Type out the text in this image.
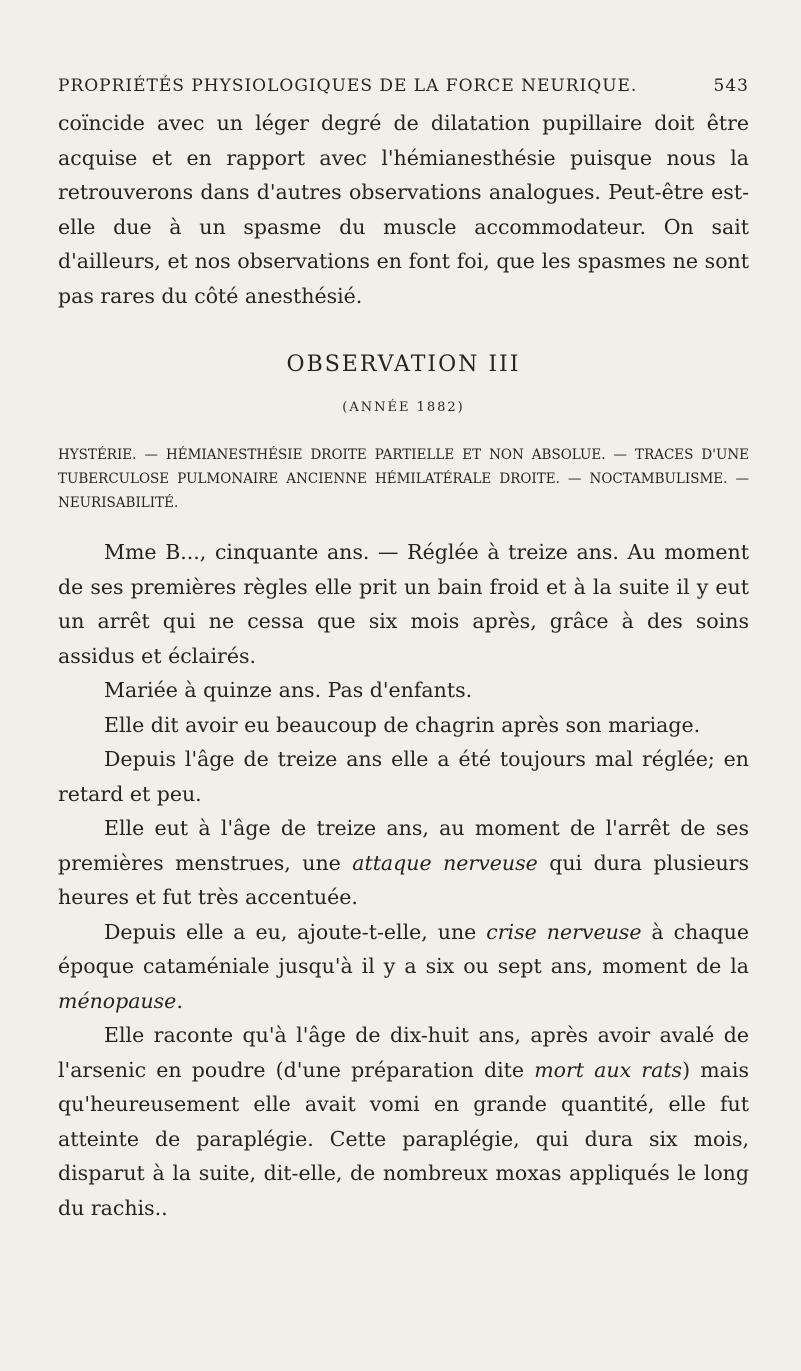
PROPRIÉTÉS PHYSIOLOGIQUES DE LA FORCE NEURIQUE.	543

coïncide avec un léger degré de dilatation pupillaire doit être acquise et en rapport avec l'hémianesthésie puisque nous la retrouverons dans d'autres observations analogues. Peut-être est-elle due à un spasme du muscle accommodateur. On sait d'ailleurs, et nos observations en font foi, que les spasmes ne sont pas rares du côté anesthésié.

OBSERVATION III
(ANNÉE 1882)
HYSTÉRIE. — HÉMIANESTHÉSIE DROITE PARTIELLE ET NON ABSOLUE. — TRACES D'UNE TUBERCULOSE PULMONAIRE ANCIENNE HÉMILATÉRALE DROITE. — NOCTAMBULISME. — NEURISABILITÉ.

Mme B..., cinquante ans. — Réglée à treize ans. Au moment de ses premières règles elle prit un bain froid et à la suite il y eut un arrêt qui ne cessa que six mois après, grâce à des soins assidus et éclairés.

Mariée à quinze ans. Pas d'enfants.

Elle dit avoir eu beaucoup de chagrin après son mariage.

Depuis l'âge de treize ans elle a été toujours mal réglée; en retard et peu.

Elle eut à l'âge de treize ans, au moment de l'arrêt de ses premières menstrues, une attaque nerveuse qui dura plusieurs heures et fut très accentuée.

Depuis elle a eu, ajoute-t-elle, une crise nerveuse à chaque époque cataméniale jusqu'à il y a six ou sept ans, moment de la ménopause.

Elle raconte qu'à l'âge de dix-huit ans, après avoir avalé de l'arsenic en poudre (d'une préparation dite mort aux rats) mais qu'heureusement elle avait vomi en grande quantité, elle fut atteinte de paraplégie. Cette paraplégie, qui dura six mois, disparut à la suite, dit-elle, de nombreux moxas appliqués le long du rachis..
